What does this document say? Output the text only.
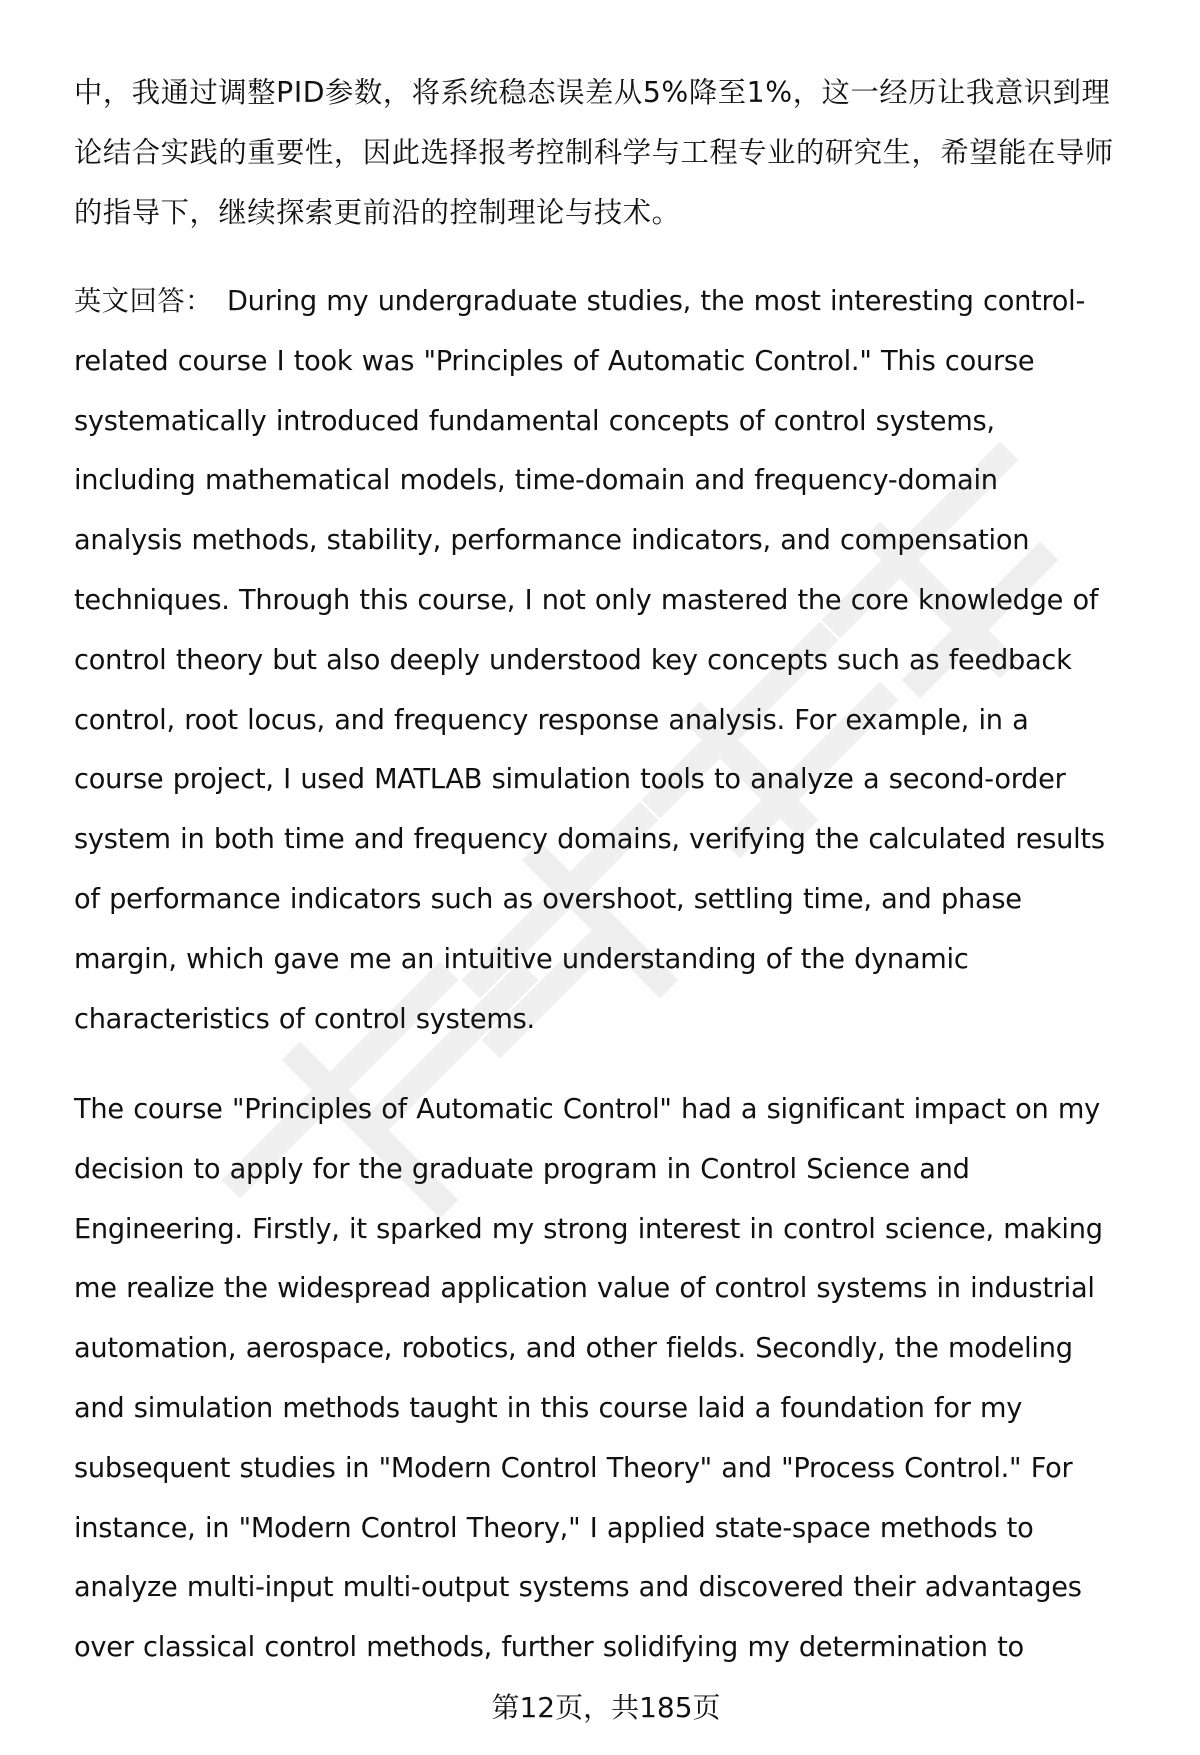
中，我通过调整PID参数，将系统稳态误差从5%降至1%，这一经历让我意识到理
论结合实践的重要性，因此选择报考控制科学与工程专业的研究生，希望能在导师
的指导下，继续探索更前沿的控制理论与技术。
英文回答： During my undergraduate studies, the most interesting control-
related course I took was "Principles of Automatic Control." This course
systematically introduced fundamental concepts of control systems,
including mathematical models, time-domain and frequency-domain
analysis methods, stability, performance indicators, and compensation
techniques. Through this course, I not only mastered the core knowledge of
control theory but also deeply understood key concepts such as feedback
control, root locus, and frequency response analysis. For example, in a
course project, I used MATLAB simulation tools to analyze a second-order
system in both time and frequency domains, verifying the calculated results
of performance indicators such as overshoot, settling time, and phase
margin, which gave me an intuitive understanding of the dynamic
characteristics of control systems.
The course "Principles of Automatic Control" had a significant impact on my
decision to apply for the graduate program in Control Science and
Engineering. Firstly, it sparked my strong interest in control science, making
me realize the widespread application value of control systems in industrial
automation, aerospace, robotics, and other fields. Secondly, the modeling
and simulation methods taught in this course laid a foundation for my
subsequent studies in "Modern Control Theory" and "Process Control." For
instance, in "Modern Control Theory," I applied state-space methods to
analyze multi-input multi-output systems and discovered their advantages
over classical control methods, further solidifying my determination to
第12页，共185页
